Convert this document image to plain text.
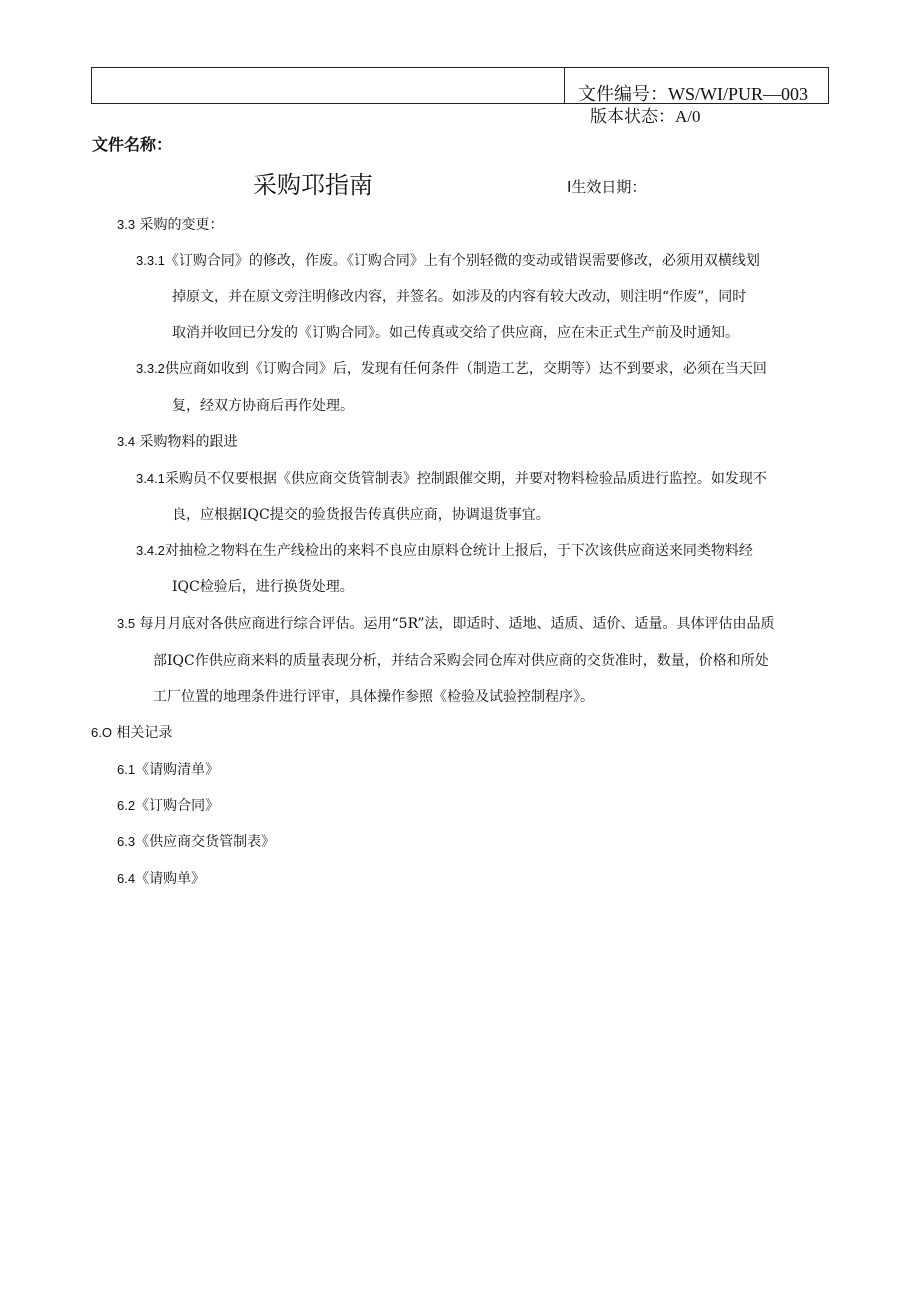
文件编号：WS/WI/PUR—003
版本状态：A/0
文件名称：
采购邛指南	I生效日期：
3.3 采购的变更：
3.3.1《订购合同》的修改，作废。《订购合同》上有个别轻微的变动或错误需要修改，必须用双横线划
掉原文，并在原文旁注明修改内容，并签名。如涉及的内容有较大改动，则注明“作废”，同时
取消并收回已分发的《订购合同》。如己传真或交给了供应商，应在未正式生产前及时通知。
3.3.2供应商如收到《订购合同》后，发现有任何条件（制造工艺，交期等）达不到要求，必须在当天回
复，经双方协商后再作处理。
3.4 采购物料的跟进
3.4.1采购员不仅要根据《供应商交货管制表》控制跟催交期，并要对物料检验品质进行监控。如发现不
良，应根据IQC提交的验货报告传真供应商，协调退货事宜。
3.4.2对抽检之物料在生产线检出的来料不良应由原料仓统计上报后，于下次该供应商送来同类物料经
IQC检验后，进行换货处理。
3.5 每月月底对各供应商进行综合评估。运用“5R”法，即适时、适地、适质、适价、适量。具体评估由品质
部IQC作供应商来料的质量表现分析，并结合采购会同仓库对供应商的交货准时，数量，价格和所处
工厂位置的地理条件进行评审，具体操作参照《检验及试验控制程序》。
6.O 相关记录
6.1《请购清单》
6.2《订购合同》
6.3《供应商交货管制表》
6.4《请购单》
